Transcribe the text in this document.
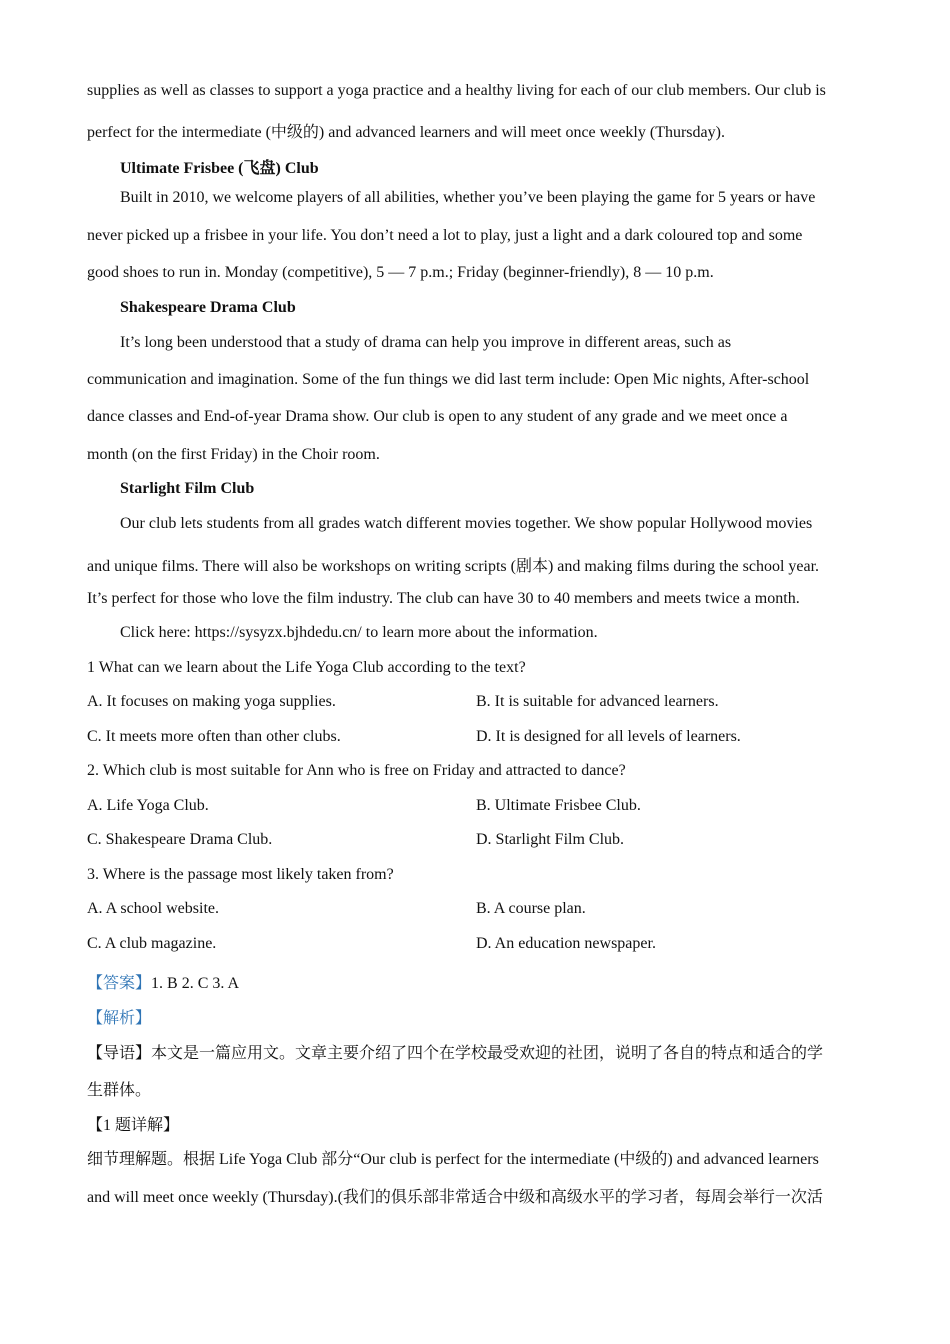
supplies as well as classes to support a yoga practice and a healthy living for each of our club members. Our club is
perfect for the intermediate (中级的) and advanced learners and will meet once weekly (Thursday).
Ultimate Frisbee (飞盘) Club
Built in 2010, we welcome players of all abilities, whether you’ve been playing the game for 5 years or have
never picked up a frisbee in your life. You don’t need a lot to play, just a light and a dark coloured top and some
good shoes to run in. Monday (competitive), 5 — 7 p.m.; Friday (beginner-friendly), 8 — 10 p.m.
Shakespeare Drama Club
It’s long been understood that a study of drama can help you improve in different areas, such as
communication and imagination. Some of the fun things we did last term include: Open Mic nights, After-school
dance classes and End-of-year Drama show. Our club is open to any student of any grade and we meet once a
month (on the first Friday) in the Choir room.
Starlight Film Club
Our club lets students from all grades watch different movies together. We show popular Hollywood movies
and unique films. There will also be workshops on writing scripts (剧本) and making films during the school year.
It’s perfect for those who love the film industry. The club can have 30 to 40 members and meets twice a month.
Click here: https://sysyzx.bjhdedu.cn/ to learn more about the information.
1 What can we learn about the Life Yoga Club according to the text?
A. It focuses on making yoga supplies.	B. It is suitable for advanced learners.
C. It meets more often than other clubs.	D. It is designed for all levels of learners.
2. Which club is most suitable for Ann who is free on Friday and attracted to dance?
A. Life Yoga Club.	B. Ultimate Frisbee Club.
C. Shakespeare Drama Club.	D. Starlight Film Club.
3. Where is the passage most likely taken from?
A. A school website.	B. A course plan.
C. A club magazine.	D. An education newspaper.
【答案】1. B 2. C 3. A
【解析】
【导语】本文是一篇应用文。文章主要介绍了四个在学校最受欢迎的社团，说明了各自的特点和适合的学
生群体。
【1 题详解】
细节理解题。根据 Life Yoga Club 部分“Our club is perfect for the intermediate (中级的) and advanced learners
and will meet once weekly (Thursday).(我们的俱乐部非常适合中级和高级水平的学习者，每周会举行一次活
